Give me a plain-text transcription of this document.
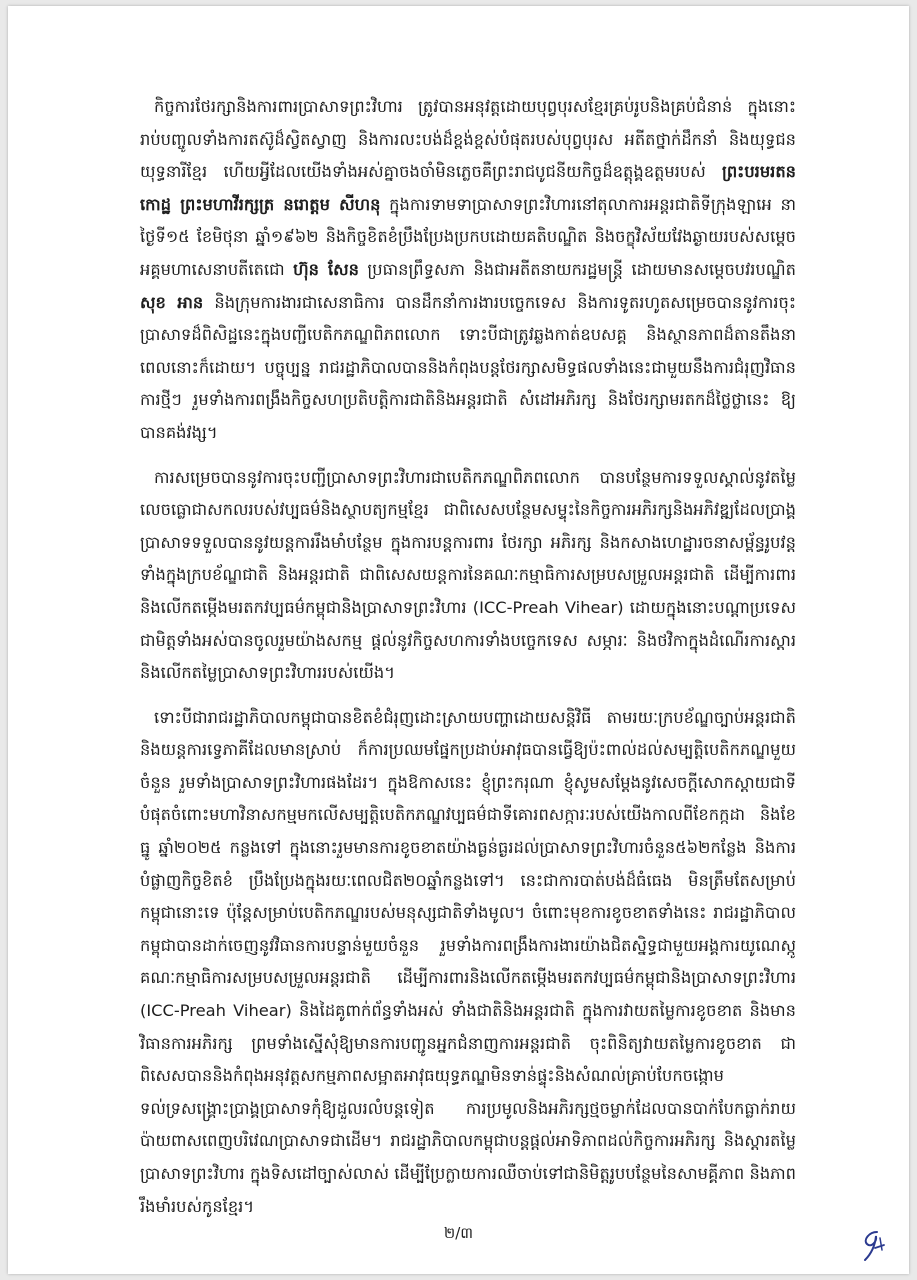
កិច្ចការថែរក្សានិងការពារប្រាសាទព្រះវិហារ ត្រូវបានអនុវត្តដោយបុព្វបុរសខ្មែរគ្រប់រូបនិងគ្រប់ជំនាន់ ក្នុងនោះរាប់បញ្ចូលទាំងការតស៊ូដ៏ស្វិតស្វាញ និងការលះបង់ដ៏ខ្ពង់ខ្ពស់បំផុតរបស់បុព្វបុរស អតីតថ្នាក់ដឹកនាំ និងយុទ្ធជន យុទ្ធនារីខ្មែរ ហើយអ្វីដែលយើងទាំងអស់គ្នាចងចាំមិនភ្លេចគឺព្រះរាជបូជនីយកិច្ចដ៏ឧត្តុង្គឧត្តមរបស់ ព្រះបរមរតនកោដ្ឋ ព្រះមហាវីរក្សត្រ នរោត្តម សីហនុ ក្នុងការទាមទាប្រាសាទព្រះវិហារនៅតុលាការអន្តរជាតិទីក្រុងឡាអេ នាថ្ងៃទី១៥ ខែមិថុនា ឆ្នាំ១៩៦២ និងកិច្ចខិតខំប្រឹងប្រែងប្រកបដោយគតិបណ្ឌិត និងចក្ខុវិស័យវែងឆ្ងាយរបស់សម្តេចអគ្គមហាសេនាបតីតេជោ ហ៊ុន សែន ប្រធានព្រឹទ្ធសភា និងជាអតីតនាយករដ្ឋមន្ត្រី ដោយមានសម្តេចបវរបណ្ឌិត សុខ អាន និងក្រុមការងារជាសេនាធិការ បានដឹកនាំការងារបច្ចេកទេស និងការទូតរហូតសម្រេចបាននូវការចុះប្រាសាទដ៏ពិសិដ្ឋនេះក្នុងបញ្ជីបេតិកភណ្ឌពិភពលោក ទោះបីជាត្រូវឆ្លងកាត់ឧបសគ្គ និងស្ថានភាពដ៏តានតឹងនាពេលនោះក៏ដោយ។ បច្ចុប្បន្ន រាជរដ្ឋាភិបាលបាននិងកំពុងបន្តថែរក្សាសមិទ្ធផលទាំងនេះជាមួយនឹងការជំរុញវិធានការថ្មីៗ រួមទាំងការពង្រឹងកិច្ចសហប្រតិបត្តិការជាតិនិងអន្តរជាតិ សំដៅអភិរក្ស និងថែរក្សាមរតកដ៏ថ្លៃថ្លានេះ ឱ្យបានគង់វង្ស។

ការសម្រេចបាននូវការចុះបញ្ជីប្រាសាទព្រះវិហារជាបេតិកភណ្ឌពិភពលោក បានបន្ថែមការទទួលស្គាល់នូវតម្លៃលេចធ្លោជាសកលរបស់វប្បធម៌និងស្ថាបត្យកម្មខ្មែរ ជាពិសេសបន្ថែមសម្ទុះនៃកិច្ចការអភិរក្សនិងអភិវឌ្ឍដែលប្រាង្គប្រាសាទទទួលបាននូវយន្តការរឹងមាំបន្ថែម ក្នុងការបន្តការពារ ថែរក្សា អភិរក្ស និងកសាងហេដ្ឋារចនាសម្ព័ន្ធរូបវន្តទាំងក្នុងក្របខ័ណ្ឌជាតិ និងអន្តរជាតិ ជាពិសេសយន្តការនៃគណៈកម្មាធិការសម្របសម្រួលអន្តរជាតិ ដើម្បីការពារនិងលើកតម្កើងមរតកវប្បធម៌កម្ពុជានិងប្រាសាទព្រះវិហារ (ICC-Preah Vihear) ដោយក្នុងនោះបណ្តាប្រទេសជាមិត្តទាំងអស់បានចូលរួមយ៉ាងសកម្ម ផ្តល់នូវកិច្ចសហការទាំងបច្ចេកទេស សម្ភារៈ និងថវិកាក្នុងដំណើរការស្តារ និងលើកតម្លៃប្រាសាទព្រះវិហាររបស់យើង។

ទោះបីជារាជរដ្ឋាភិបាលកម្ពុជាបានខិតខំជំរុញដោះស្រាយបញ្ហាដោយសន្តិវិធី តាមរយៈក្របខ័ណ្ឌច្បាប់អន្តរជាតិ និងយន្តការទ្វេភាគីដែលមានស្រាប់ ក៏ការប្រឈមផ្នែកប្រដាប់អាវុធបានធ្វើឱ្យប៉ះពាល់ដល់សម្បត្តិបេតិកភណ្ឌមួយចំនួន រួមទាំងប្រាសាទព្រះវិហារផងដែរ។ ក្នុងឱកាសនេះ ខ្ញុំព្រះករុណា ខ្ញុំសូមសម្តែងនូវសេចក្តីសោកស្តាយជាទីបំផុតចំពោះមហាវិនាសកម្មមកលើសម្បត្តិបេតិកភណ្ឌវប្បធម៌ជាទីគោរពសក្ការៈរបស់យើងកាលពីខែកក្កដា និងខែធ្នូ ឆ្នាំ២០២៥ កន្លងទៅ ក្នុងនោះរួមមានការខូចខាតយ៉ាងធ្ងន់ធ្ងរដល់ប្រាសាទព្រះវិហារចំនួន៥៦២កន្លែង និងការបំផ្លាញកិច្ចខិតខំ ប្រឹងប្រែងក្នុងរយៈពេលជិត២០ឆ្នាំកន្លងទៅ។ នេះជាការបាត់បង់ដ៏ធំធេង មិនត្រឹមតែសម្រាប់កម្ពុជានោះទេ ប៉ុន្តែសម្រាប់បេតិកភណ្ឌរបស់មនុស្សជាតិទាំងមូល។ ចំពោះមុខការខូចខាតទាំងនេះ រាជរដ្ឋាភិបាលកម្ពុជាបានដាក់ចេញនូវវិធានការបន្ទាន់មួយចំនួន រួមទាំងការពង្រឹងការងារយ៉ាងជិតស្និទ្ធជាមួយអង្គការយូណេស្កូ គណៈកម្មាធិការសម្របសម្រួលអន្តរជាតិ ដើម្បីការពារនិងលើកតម្កើងមរតកវប្បធម៌កម្ពុជានិងប្រាសាទព្រះវិហារ (ICC-Preah Vihear) និងដៃគូពាក់ព័ន្ធទាំងអស់ ទាំងជាតិនិងអន្តរជាតិ ក្នុងការវាយតម្លៃការខូចខាត និងមានវិធានការអភិរក្ស ព្រមទាំងស្នើសុំឱ្យមានការបញ្ជូនអ្នកជំនាញការអន្តរជាតិ ចុះពិនិត្យវាយតម្លៃការខូចខាត ជាពិសេសបាននិងកំពុងអនុវត្តសកម្មភាពសម្អាតអាវុធយុទ្ធភណ្ឌមិនទាន់ផ្ទុះនិងសំណល់គ្រាប់បែកចង្កោម ទល់ទ្រសង្គ្រោះប្រាង្គប្រាសាទកុំឱ្យដួលរលំបន្តទៀត ការប្រមូលនិងអភិរក្សថ្មចម្លាក់ដែលបានបាក់បែកធ្លាក់រាយប៉ាយពាសពេញបរិវេណប្រាសាទជាដើម។ រាជរដ្ឋាភិបាលកម្ពុជាបន្តផ្តល់អាទិភាពដល់កិច្ចការអភិរក្ស និងស្តារតម្លៃប្រាសាទព្រះវិហារ ក្នុងទិសដៅច្បាស់លាស់ ដើម្បីប្រែក្លាយការឈឺចាប់ទៅជានិមិត្តរូបបន្ថែមនៃសាមគ្គីភាព និងភាពរឹងមាំរបស់កូនខ្មែរ។

២/៣
